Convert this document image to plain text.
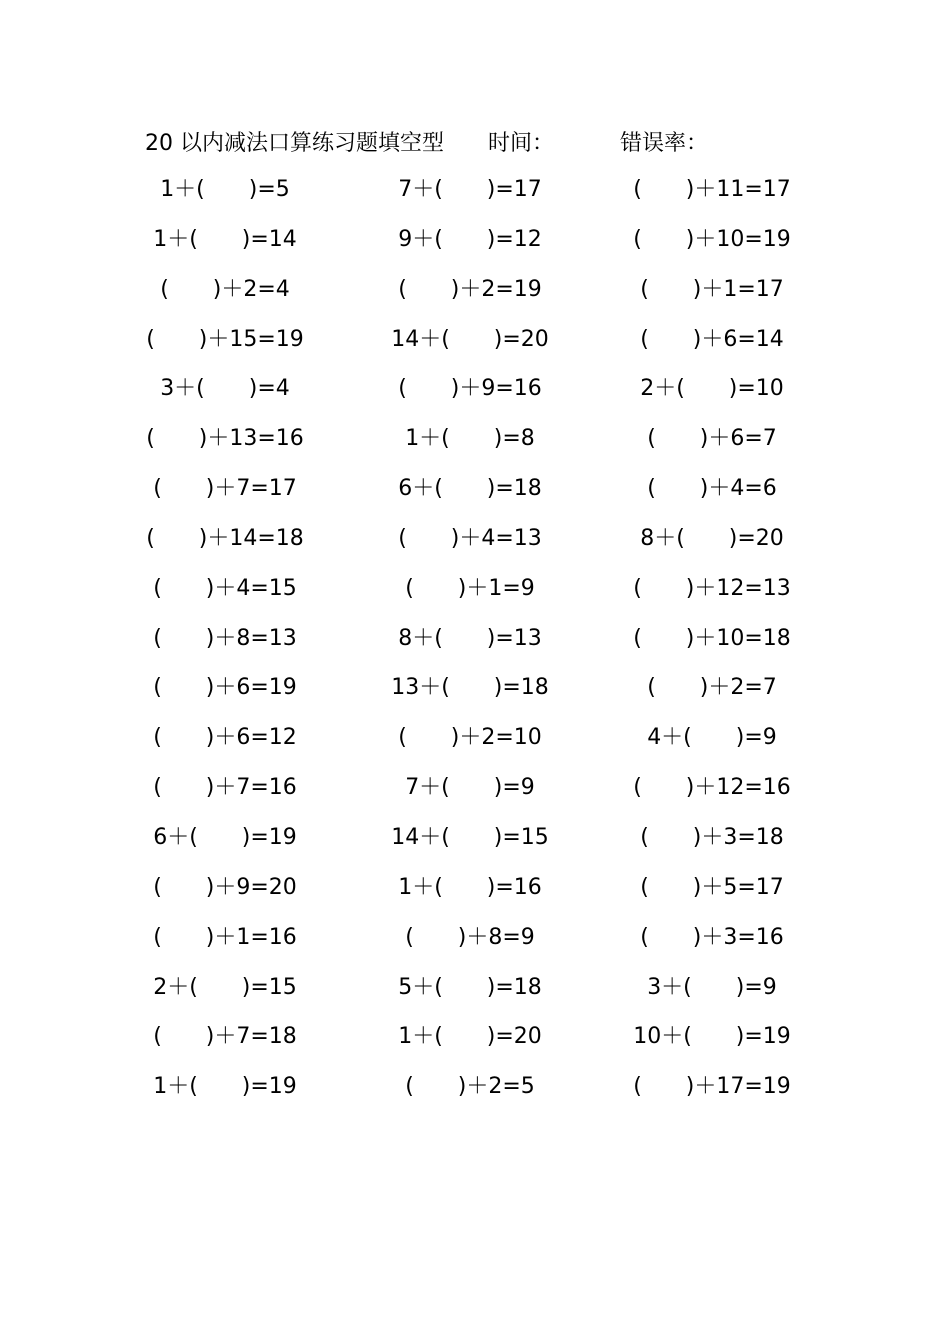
20 以内减法口算练习题填空型 时间：	错误率：
1＋(　　)=5	7＋(　　)=17	(　　)＋11=17
1＋(　　)=14	9＋(　　)=12	(　　)＋10=19
(　　)＋2=4	(　　)＋2=19	(　　)＋1=17
(　　)＋15=19	14＋(　　)=20	(　　)＋6=14
3＋(　　)=4	(　　)＋9=16	2＋(　　)=10
(　　)＋13=16	1＋(　　)=8	(　　)＋6=7
(　　)＋7=17	6＋(　　)=18	(　　)＋4=6
(　　)＋14=18	(　　)＋4=13	8＋(　　)=20
(　　)＋4=15	(　　)＋1=9	(　　)＋12=13
(　　)＋8=13	8＋(　　)=13	(　　)＋10=18
(　　)＋6=19	13＋(　　)=18	(　　)＋2=7
(　　)＋6=12	(　　)＋2=10	4＋(　　)=9
(　　)＋7=16	7＋(　　)=9	(　　)＋12=16
6＋(　　)=19	14＋(　　)=15	(　　)＋3=18
(　　)＋9=20	1＋(　　)=16	(　　)＋5=17
(　　)＋1=16	(　　)＋8=9	(　　)＋3=16
2＋(　　)=15	5＋(　　)=18	3＋(　　)=9
(　　)＋7=18	1＋(　　)=20	10＋(　　)=19
1＋(　　)=19	(　　)＋2=5	(　　)＋17=19
